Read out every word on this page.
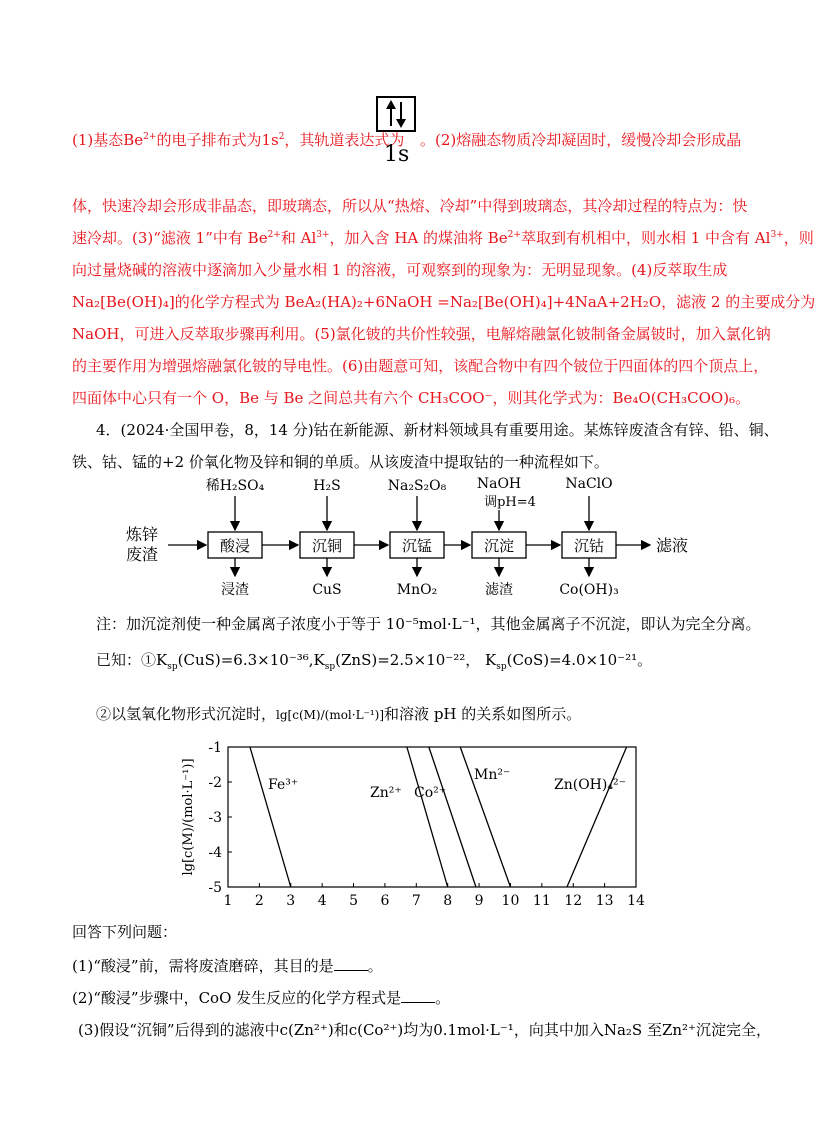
(1)基态$Be^{2+}$的电子排布式为$1s^2$，其轨道表达式为
1s
。(2)熔融态物质冷却凝固时，缓慢冷却会形成晶
体，快速冷却会形成非晶态，即玻璃态，所以从“热熔、冷却”中得到玻璃态，其冷却过程的特点为：快
速冷却。(3)“滤液 1”中有 $Be^{2+}$和 $Al^{3+}$，加入含 HA 的煤油将 $Be^{2+}$萃取到有机相中，则水相 1 中含有 $Al^{3+}$，则
向过量烧碱的溶液中逐滴加入少量水相 1 的溶液，可观察到的现象为：无明显现象。(4)反萃取生成
Na₂[Be(OH)₄]的化学方程式为 BeA₂(HA)₂+6NaOH =Na₂[Be(OH)₄]+4NaA+2H₂O，滤液 2 的主要成分为
NaOH，可进入反萃取步骤再利用。(5)氯化铍的共价性较强，电解熔融氯化铍制备金属铍时，加入氯化钠
的主要作用为增强熔融氯化铍的导电性。(6)由题意可知，该配合物中有四个铍位于四面体的四个顶点上，
四面体中心只有一个 O，Be 与 Be 之间总共有六个 CH₃COO⁻，则其化学式为：Be₄O(CH₃COO)₆。
4．(2024·全国甲卷，8，14 分)钴在新能源、新材料领域具有重要用途。某炼锌废渣含有锌、铅、铜、
铁、钴、锰的+2 价氧化物及锌和铜的单质。从该废渣中提取钴的一种流程如下。
炼锌
废渣	酸浸	沉铜	沉锰	沉淀	沉钴	滤液
稀H₂SO₄	H₂S	Na₂S₂O₈ NaOH
调pH=4
NaClO
浸渣	CuS	MnO₂	滤渣	Co(OH)₃
注：加沉淀剂使一种金属离子浓度小于等于 10⁻⁵mol·L⁻¹，其他金属离子不沉淀，即认为完全分离。
已知：$①K_{sp}(CuS)=6.3\times 10^{-36},K_{sp}(ZnS)=2.5\times 10^{-22}$， $K_{sp}(CoS)=4.0\times 10^{-21}$。
②以氢氧化物形式沉淀时，lg[c(M)/(mol·L⁻¹)]和溶液 pH 的关系如图所示。
1 2 3 4 5 6 7 8 9 10 11 12 13 14
-1
-2
-3
-4
-5
lg[c(M)/(mol·L⁻¹)]	Fe³⁺	Zn²⁺ Co²⁺
Mn²⁻
Zn(OH)₄²⁻
回答下列问题：
(1)“酸浸”前，需将废渣磨碎，其目的是 。
(2)“酸浸”步骤中，CoO 发生反应的化学方程式是 。
(3)假设“沉铜”后得到的滤液中c(Zn²⁺)和c(Co²⁺)均为0.1mol·L⁻¹，向其中加入Na₂S 至Zn²⁺沉淀完全，
